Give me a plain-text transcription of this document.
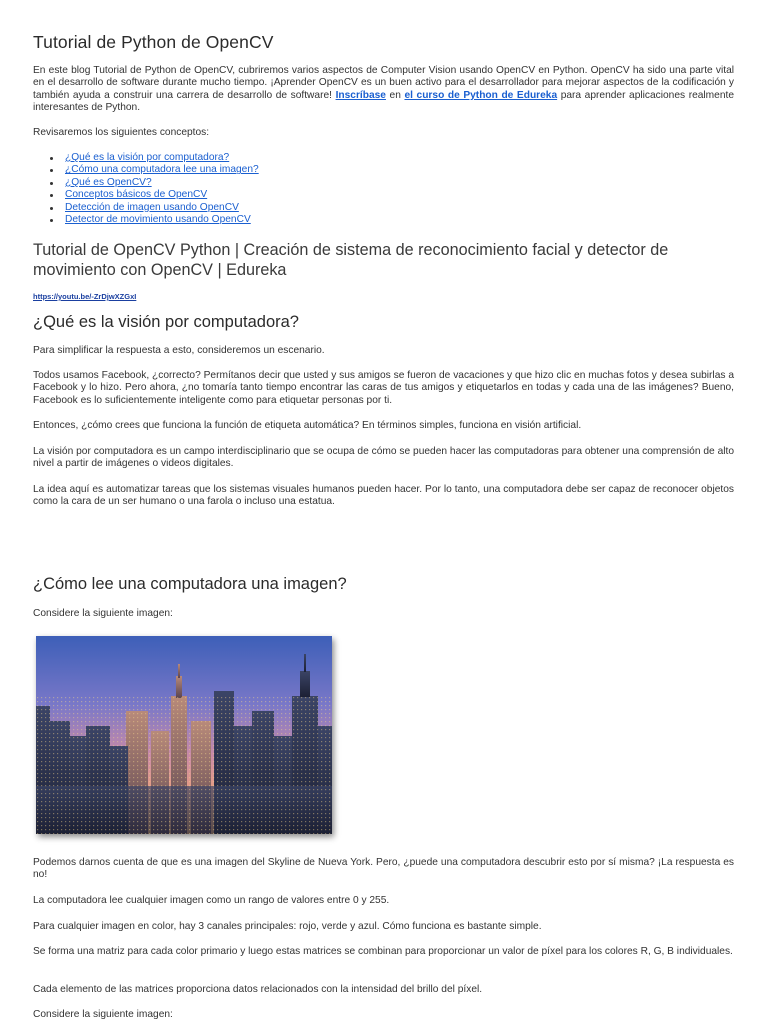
Tutorial de Python de OpenCV

En este blog Tutorial de Python de OpenCV, cubriremos varios aspectos de Computer Vision usando OpenCV en Python. OpenCV ha sido una parte vital en el desarrollo de software durante mucho tiempo. ¡Aprender OpenCV es un buen activo para el desarrollador para mejorar aspectos de la codificación y también ayuda a construir una carrera de desarrollo de software! Inscríbase en el curso de Python de Edureka para aprender aplicaciones realmente interesantes de Python.

Revisaremos los siguientes conceptos:

¿Qué es la visión por computadora?
¿Cómo una computadora lee una imagen?
¿Qué es OpenCV?
Conceptos básicos de OpenCV
Detección de imagen usando OpenCV
Detector de movimiento usando OpenCV
Tutorial de OpenCV Python | Creación de sistema de reconocimiento facial y detector de movimiento con OpenCV | Edureka
https://youtu.be/-ZrDjwXZGxI
¿Qué es la visión por computadora?

Para simplificar la respuesta a esto, consideremos un escenario.

Todos usamos Facebook, ¿correcto? Permítanos decir que usted y sus amigos se fueron de vacaciones y que hizo clic en muchas fotos y desea subirlas a Facebook y lo hizo. Pero ahora, ¿no tomaría tanto tiempo encontrar las caras de tus amigos y etiquetarlos en todas y cada una de las imágenes? Bueno, Facebook es lo suficientemente inteligente como para etiquetar personas por ti.

Entonces, ¿cómo crees que funciona la función de etiqueta automática? En términos simples, funciona en visión artificial.

La visión por computadora es un campo interdisciplinario que se ocupa de cómo se pueden hacer las computadoras para obtener una comprensión de alto nivel a partir de imágenes o videos digitales.

La idea aquí es automatizar tareas que los sistemas visuales humanos pueden hacer. Por lo tanto, una computadora debe ser capaz de reconocer objetos como la cara de un ser humano o una farola o incluso una estatua.

¿Cómo lee una computadora una imagen?

Considere la siguiente imagen:

Podemos darnos cuenta de que es una imagen del Skyline de Nueva York. Pero, ¿puede una computadora descubrir esto por sí misma? ¡La respuesta es no!

La computadora lee cualquier imagen como un rango de valores entre 0 y 255.

Para cualquier imagen en color, hay 3 canales principales: rojo, verde y azul. Cómo funciona es bastante simple.

Se forma una matriz para cada color primario y luego estas matrices se combinan para proporcionar un valor de píxel para los colores R, G, B individuales.

Cada elemento de las matrices proporciona datos relacionados con la intensidad del brillo del píxel.

Considere la siguiente imagen:
